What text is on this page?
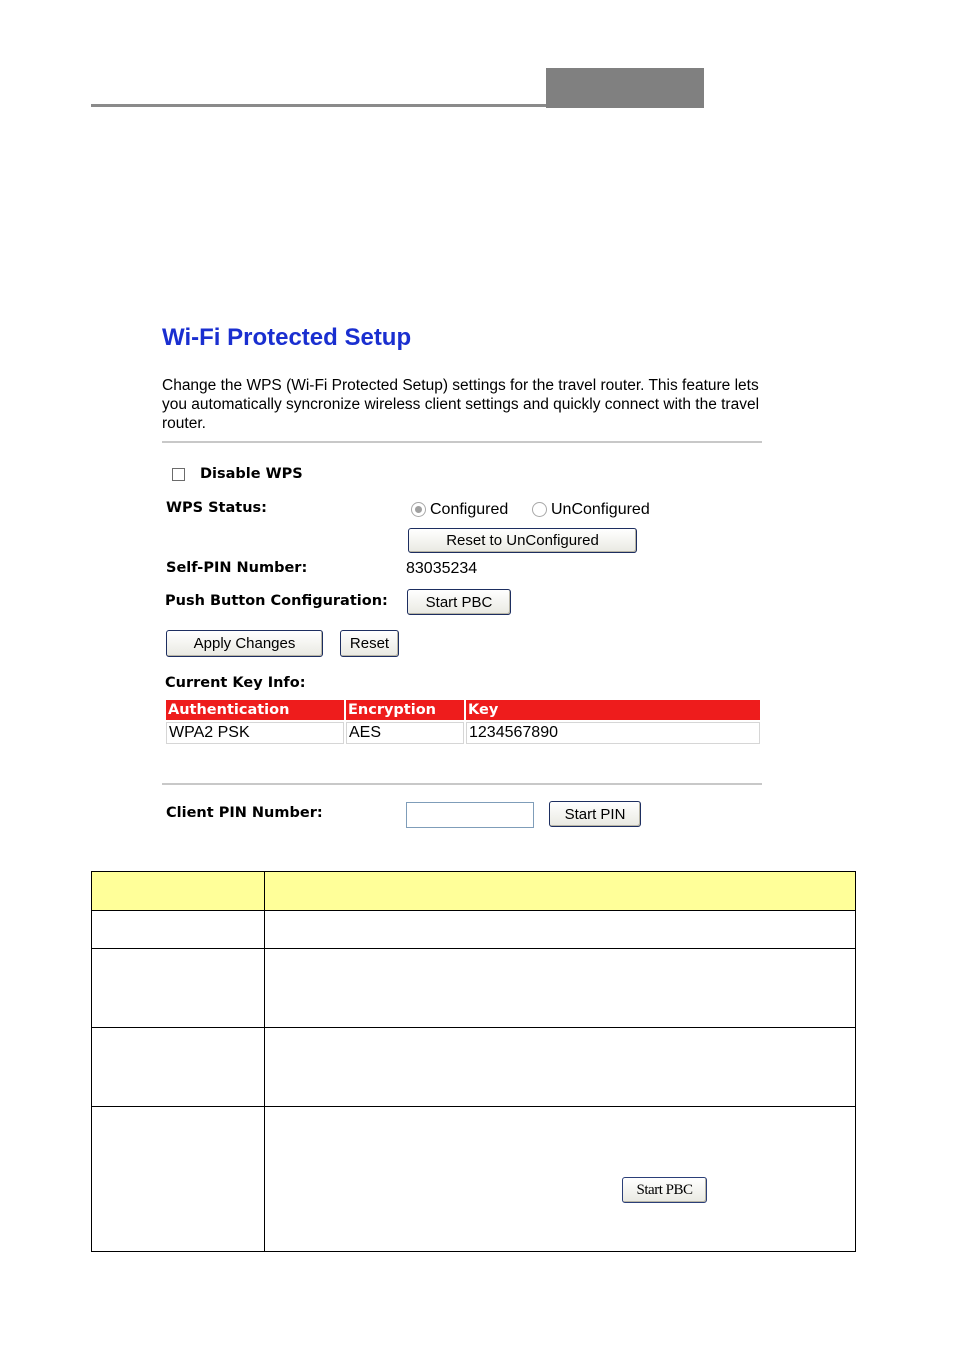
Wi-Fi Protected Setup
Change the WPS (Wi-Fi Protected Setup) settings for the travel router. This feature lets you automatically syncronize wireless client settings and quickly connect with the travel router.
Disable WPS
WPS Status:	Configured	UnConfigured
Reset to UnConfigured
Self-PIN Number:	83035234
Push Button Configuration:	Start PBC
Apply Changes	Reset
Current Key Info:
Authentication	Encryption	Key
WPA2 PSK	AES	1234567890
Client PIN Number:	Start PIN

	Start PBC
